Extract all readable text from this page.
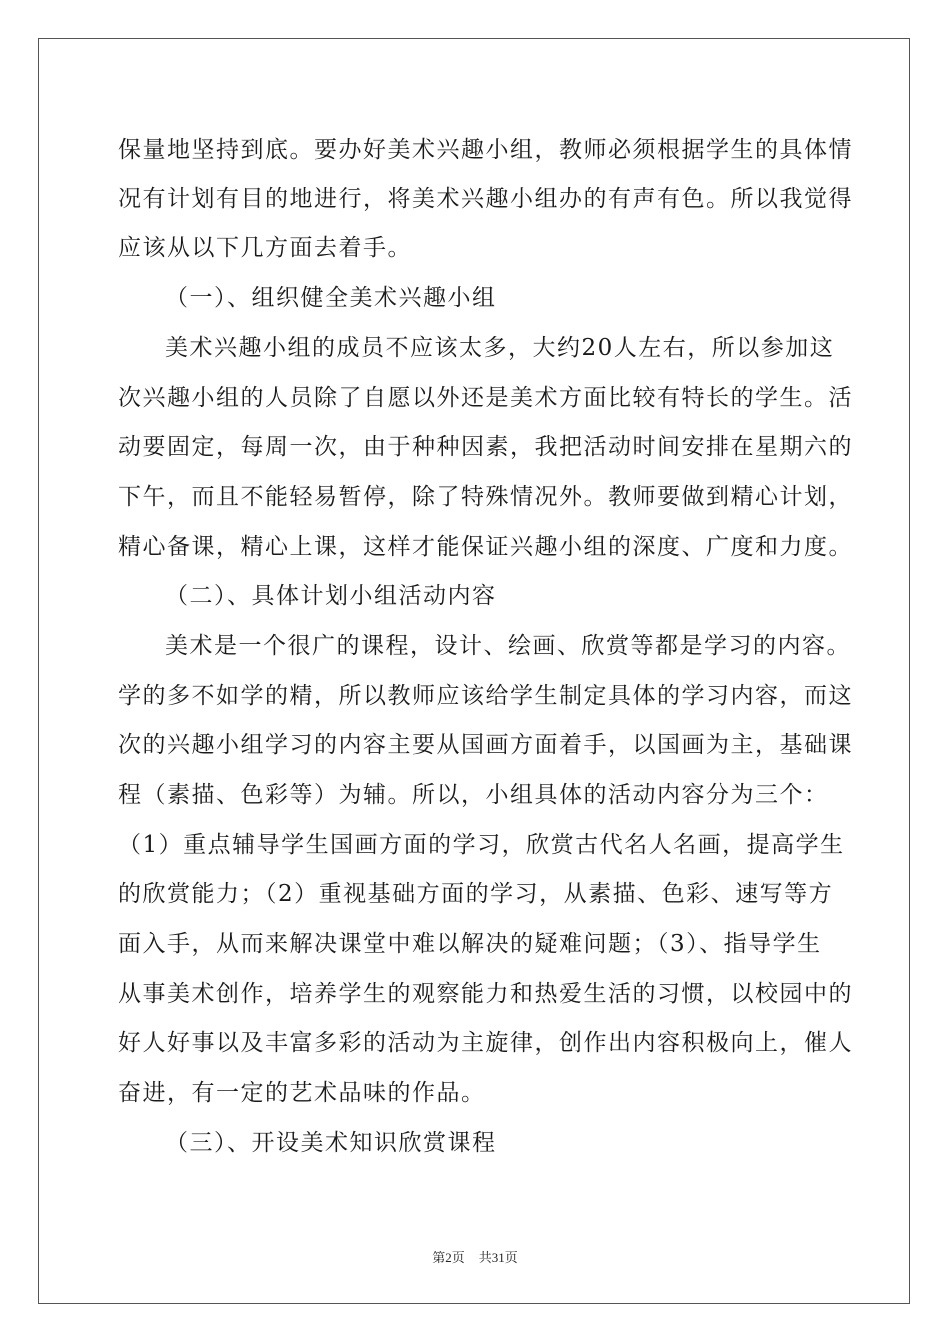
保量地坚持到底。要办好美术兴趣小组，教师必须根据学生的具体情
况有计划有目的地进行，将美术兴趣小组办的有声有色。所以我觉得
应该从以下几方面去着手。
（一）、组织健全美术兴趣小组
美术兴趣小组的成员不应该太多，大约20人左右，所以参加这
次兴趣小组的人员除了自愿以外还是美术方面比较有特长的学生。活
动要固定，每周一次，由于种种因素，我把活动时间安排在星期六的
下午，而且不能轻易暂停，除了特殊情况外。教师要做到精心计划，
精心备课，精心上课，这样才能保证兴趣小组的深度、广度和力度。
（二）、具体计划小组活动内容
美术是一个很广的课程，设计、绘画、欣赏等都是学习的内容。
学的多不如学的精，所以教师应该给学生制定具体的学习内容，而这
次的兴趣小组学习的内容主要从国画方面着手，以国画为主，基础课
程（素描、色彩等）为辅。所以，小组具体的活动内容分为三个：
（1）重点辅导学生国画方面的学习，欣赏古代名人名画，提高学生
的欣赏能力；（2）重视基础方面的学习，从素描、色彩、速写等方
面入手，从而来解决课堂中难以解决的疑难问题；（3）、指导学生
从事美术创作，培养学生的观察能力和热爱生活的习惯，以校园中的
好人好事以及丰富多彩的活动为主旋律，创作出内容积极向上，催人
奋进，有一定的艺术品味的作品。
（三）、开设美术知识欣赏课程
第2页 共31页
